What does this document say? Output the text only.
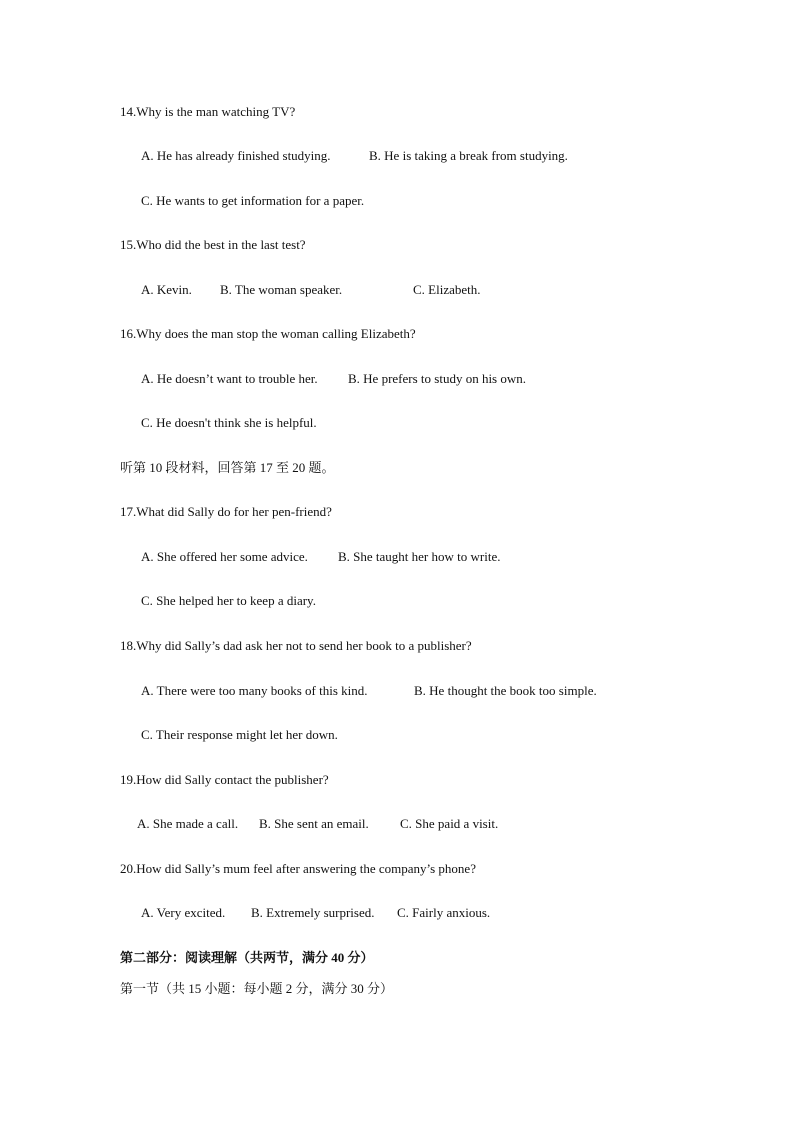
14.Why is the man watching TV?
A. He has already finished studying.	B. He is taking a break from studying.
C. He wants to get information for a paper.
15.Who did the best in the last test?
A. Kevin. B. The woman speaker.	C. Elizabeth.
16.Why does the man stop the woman calling Elizabeth?
A. He doesn’t want to trouble her. B. He prefers to study on his own.
C. He doesn't think she is helpful.
听第 10 段材料，回答第 17 至 20 题。
17.What did Sally do for her pen-friend?
A. She offered her some advice. B. She taught her how to write.
C. She helped her to keep a diary.
18.Why did Sally’s dad ask her not to send her book to a publisher?
A. There were too many books of this kind.	B. He thought the book too simple.
C. Their response might let her down.
19.How did Sally contact the publisher?
A. She made a call. B. She sent an email. C. She paid a visit.
20.How did Sally’s mum feel after answering the company’s phone?
A. Very excited. B. Extremely surprised. C. Fairly anxious.
第二部分：阅读理解（共两节，满分 40 分）
第一节（共 15 小题：每小题 2 分，满分 30 分）
